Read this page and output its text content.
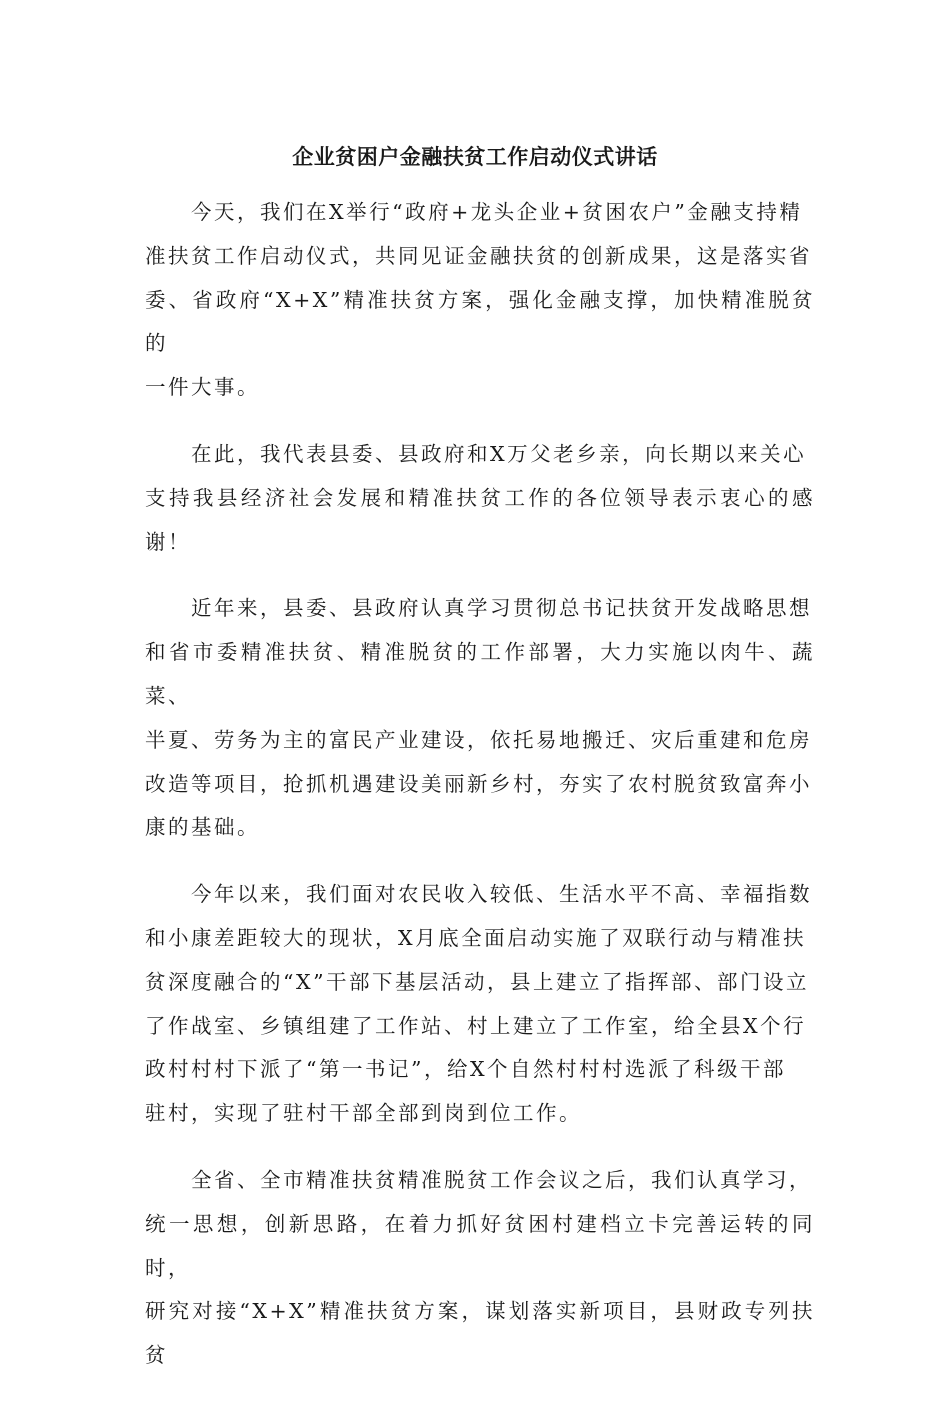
企业贫困户金融扶贫工作启动仪式讲话

　　今天，我们在X举行“政府+龙头企业+贫困农户”金融支持精
准扶贫工作启动仪式，共同见证金融扶贫的创新成果，这是落实省
委、省政府“X+X”精准扶贫方案，强化金融支撑，加快精准脱贫的
一件大事。

　　在此，我代表县委、县政府和X万父老乡亲，向长期以来关心
支持我县经济社会发展和精准扶贫工作的各位领导表示衷心的感谢！

　　近年来，县委、县政府认真学习贯彻总书记扶贫开发战略思想
和省市委精准扶贫、精准脱贫的工作部署，大力实施以肉牛、蔬菜、
半夏、劳务为主的富民产业建设，依托易地搬迁、灾后重建和危房
改造等项目，抢抓机遇建设美丽新乡村，夯实了农村脱贫致富奔小
康的基础。

　　今年以来，我们面对农民收入较低、生活水平不高、幸福指数
和小康差距较大的现状，X月底全面启动实施了双联行动与精准扶
贫深度融合的“X”干部下基层活动，县上建立了指挥部、部门设立
了作战室、乡镇组建了工作站、村上建立了工作室，给全县X个行
政村村村下派了“第一书记”，给X个自然村村村选派了科级干部
驻村，实现了驻村干部全部到岗到位工作。

　　全省、全市精准扶贫精准脱贫工作会议之后，我们认真学习，
统一思想，创新思路，在着力抓好贫困村建档立卡完善运转的同时，
研究对接“X+X”精准扶贫方案，谋划落实新项目，县财政专列扶贫
